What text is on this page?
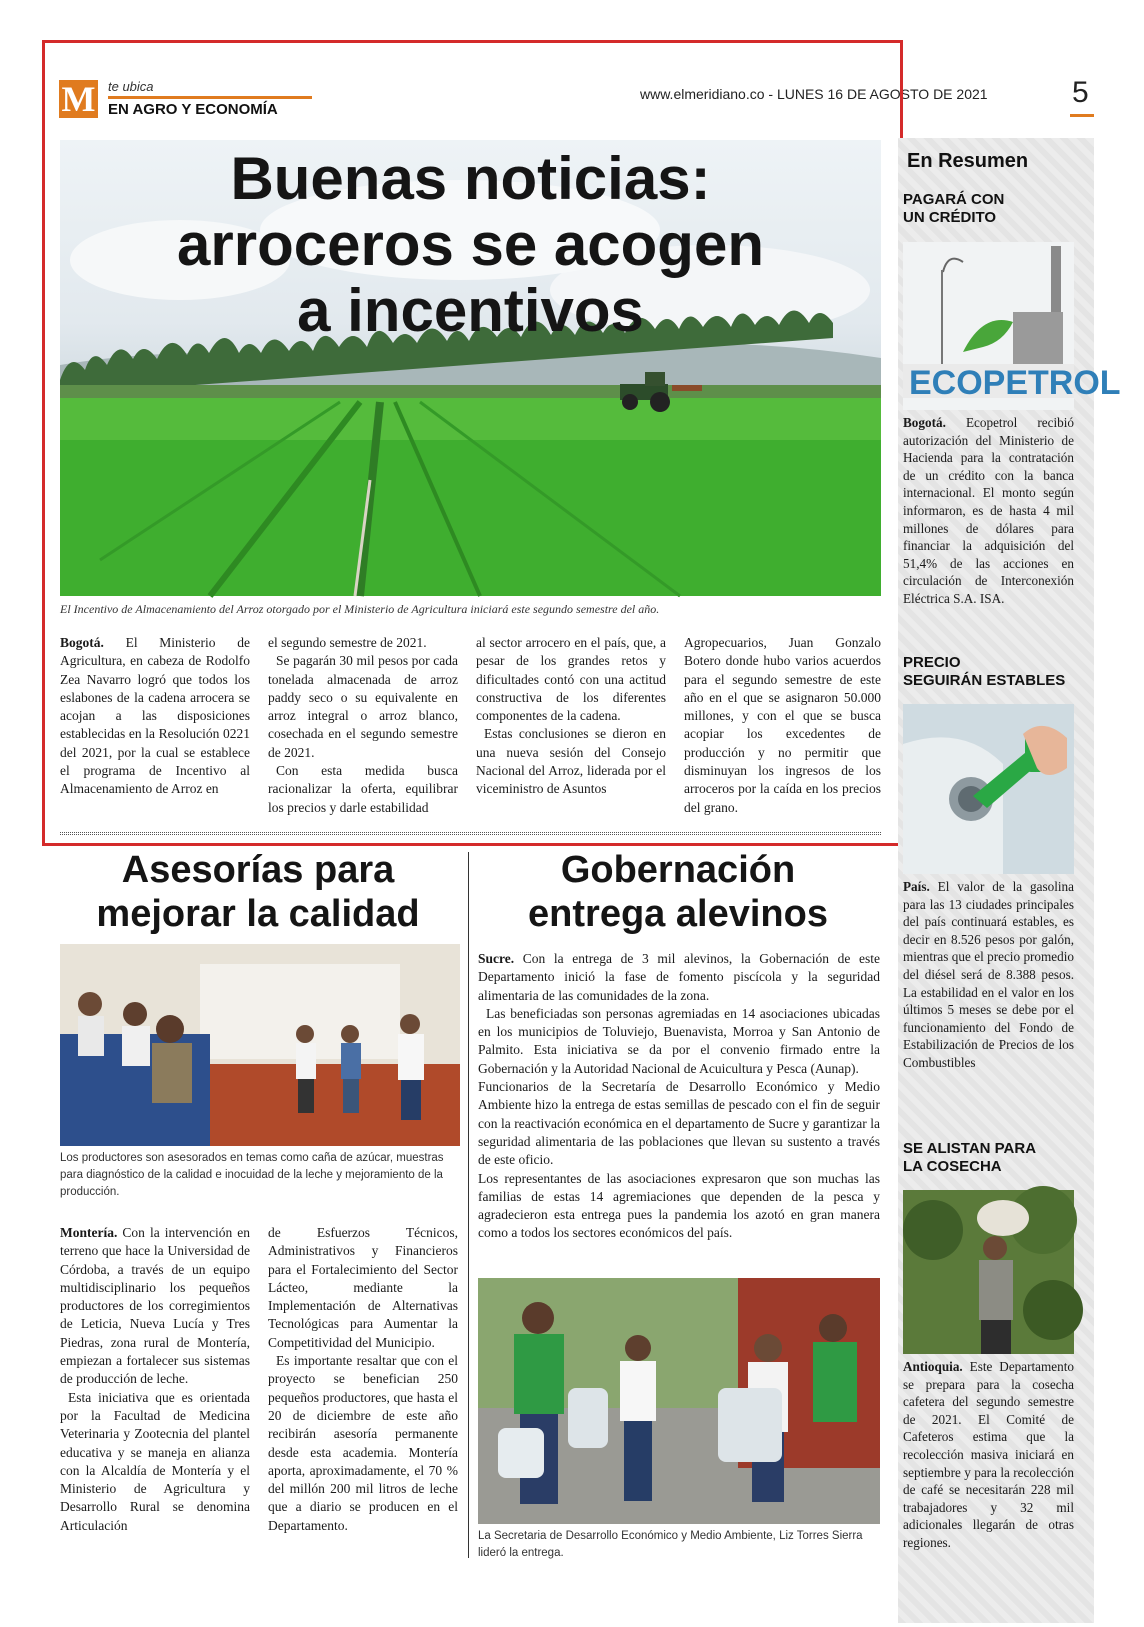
M te ubica
EN AGRO Y ECONOMÍA
www.elmeridiano.co - LUNES 16 DE AGOSTO DE 2021	5
Buenas noticias:
arroceros se acogen
a incentivos
El Incentivo de Almacenamiento del Arroz otorgado por el Ministerio de Agricultura iniciará este segundo semestre del año.

Bogotá. El Ministerio de Agricultura, en cabeza de Rodolfo Zea Navarro logró que todos los eslabones de la cadena arrocera se acojan a las disposiciones establecidas en la Resolución 0221 del 2021, por la cual se establece el programa de Incentivo al Almacenamiento de Arroz en

el segundo semestre de 2021.

Se pagarán 30 mil pesos por cada tonelada almacenada de arroz paddy seco o su equivalente en arroz integral o arroz blanco, cosechada en el segundo semestre de 2021.

Con esta medida busca racionalizar la oferta, equilibrar los precios y darle estabilidad

al sector arrocero en el país, que, a pesar de los grandes retos y dificultades contó con una actitud constructiva de los diferentes componentes de la cadena.

Estas conclusiones se dieron en una nueva sesión del Consejo Nacional del Arroz, liderada por el viceministro de Asuntos

Agropecuarios, Juan Gonzalo Botero donde hubo varios acuerdos para el segundo semestre de este año en el que se asignaron 50.000 millones, y con el que se busca acopiar los excedentes de producción y no permitir que disminuyan los ingresos de los arroceros por la caída en los precios del grano.

Asesorías para
mejorar la calidad
Los productores son asesorados en temas como caña de azúcar, muestras para diagnóstico de la calidad e inocuidad de la leche y mejoramiento de la producción.

Montería. Con la intervención en terreno que hace la Universidad de Córdoba, a través de un equipo multidisciplinario los pequeños productores de los corregimientos de Leticia, Nueva Lucía y Tres Piedras, zona rural de Montería, empiezan a fortalecer sus sistemas de producción de leche.

Esta iniciativa que es orientada por la Facultad de Medicina Veterinaria y Zootecnia del plantel educativa y se maneja en alianza con la Alcaldía de Montería y el Ministerio de Agricultura y Desarrollo Rural se denomina Articulación

de Esfuerzos Técnicos, Administrativos y Financieros para el Fortalecimiento del Sector Lácteo, mediante la Implementación de Alternativas Tecnológicas para Aumentar la Competitividad del Municipio.

Es importante resaltar que con el proyecto se benefician 250 pequeños productores, que hasta el 20 de diciembre de este año recibirán asesoría permanente desde esta academia. Montería aporta, aproximadamente, el 70 % del millón 200 mil litros de leche que a diario se producen en el Departamento.

Gobernación
entrega alevinos

Sucre. Con la entrega de 3 mil alevinos, la Gobernación de este Departamento inició la fase de fomento piscícola y la seguridad alimentaria de las comunidades de la zona.

Las beneficiadas son personas agremiadas en 14 asociaciones ubicadas en los municipios de Toluviejo, Buenavista, Morroa y San Antonio de Palmito. Esta iniciativa se da por el convenio firmado entre la Gobernación y la Autoridad Nacional de Acuicultura y Pesca (Aunap).

Funcionarios de la Secretaría de Desarrollo Económico y Medio Ambiente hizo la entrega de estas semillas de pescado con el fin de seguir con la reactivación económica en el departamento de Sucre y garantizar la seguridad alimentaria de las poblaciones que llevan su sustento a través de este oficio.

Los representantes de las asociaciones expresaron que son muchas las familias de estas 14 agremiaciones que dependen de la pesca y agradecieron esta entrega pues la pandemia los azotó en gran manera como a todos los sectores económicos del país.

La Secretaria de Desarrollo Económico y Medio Ambiente, Liz Torres Sierra lideró la entrega.
En Resumen
PAGARÁ CON
UN CRÉDITO
ECOPETROL
Bogotá. Ecopetrol recibió autorización del Ministerio de Hacienda para la contratación de un crédito con la banca internacional. El monto según informaron, es de hasta 4 mil millones de dólares para financiar la adquisición del 51,4% de las acciones en circulación de Interconexión Eléctrica S.A. ISA.
PRECIO
SEGUIRÁN ESTABLES
País. El valor de la gasolina para las 13 ciudades principales del país continuará estables, es decir en 8.526 pesos por galón, mientras que el precio promedio del diésel será de 8.388 pesos. La estabilidad en el valor en los últimos 5 meses se debe por el funcionamiento del Fondo de Estabilización de Precios de los Combustibles
SE ALISTAN PARA
LA COSECHA
Antioquia. Este Departamento se prepara para la cosecha cafetera del segundo semestre de 2021. El Comité de Cafeteros estima que la recolección masiva iniciará en septiembre y para la recolección de café se necesitarán 228 mil trabajadores y 32 mil adicionales llegarán de otras regiones.
